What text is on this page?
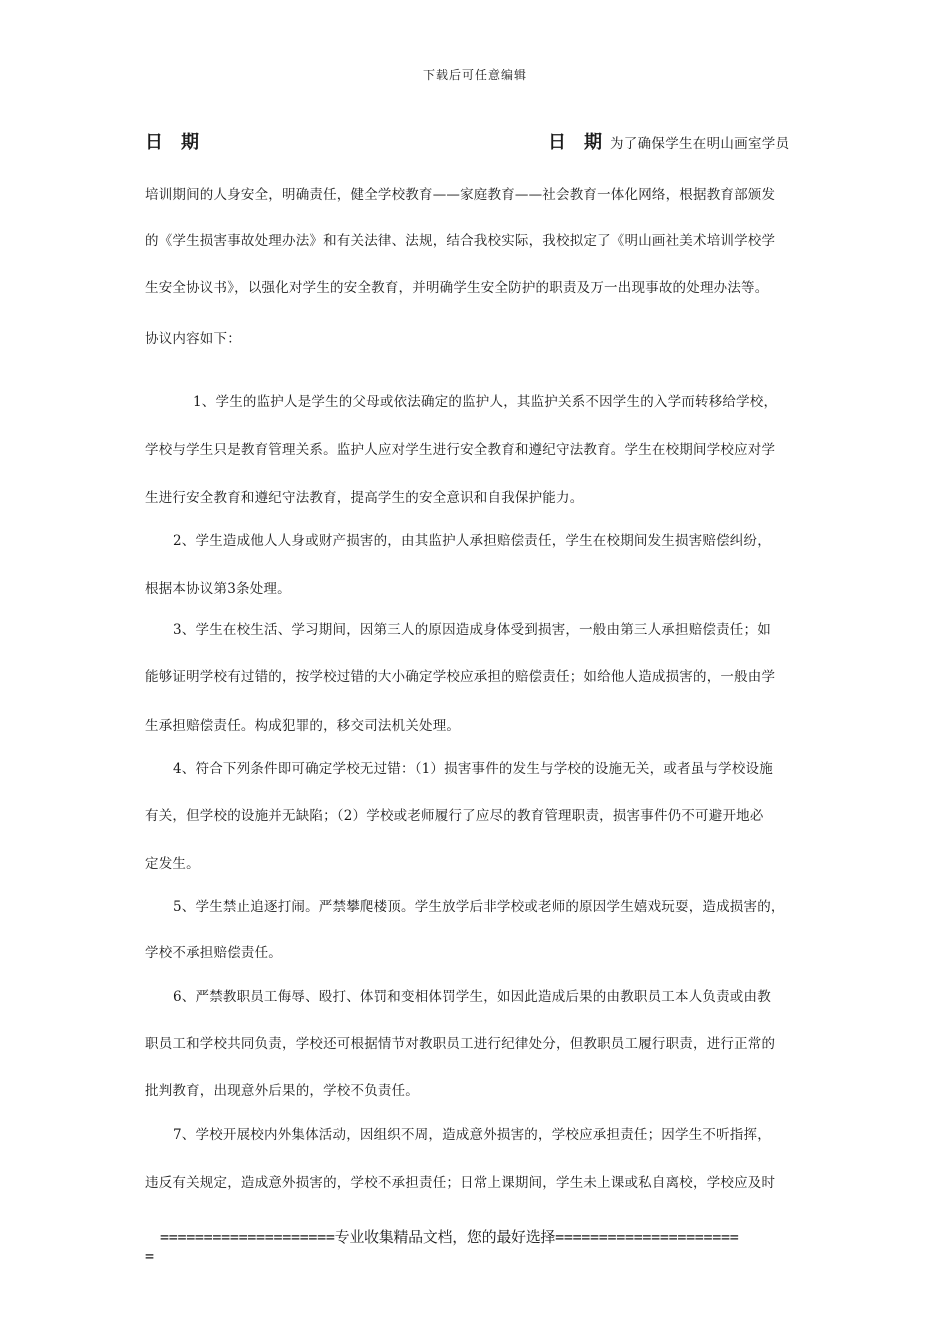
下载后可任意编辑
日期	日期
为了确保学生在明山画室学员
培训期间的人身安全，明确责任，健全学校教育——家庭教育——社会教育一体化网络，根据教育部颁发
的《学生损害事故处理办法》和有关法律、法规，结合我校实际，我校拟定了《明山画社美术培训学校学
生安全协议书》，以强化对学生的安全教育，并明确学生安全防护的职责及万一出现事故的处理办法等。
协议内容如下：
1、学生的监护人是学生的父母或依法确定的监护人，其监护关系不因学生的入学而转移给学校，
学校与学生只是教育管理关系。监护人应对学生进行安全教育和遵纪守法教育。学生在校期间学校应对学
生进行安全教育和遵纪守法教育，提高学生的安全意识和自我保护能力。
2、学生造成他人人身或财产损害的，由其监护人承担赔偿责任，学生在校期间发生损害赔偿纠纷，
根据本协议第3条处理。
3、学生在校生活、学习期间，因第三人的原因造成身体受到损害，一般由第三人承担赔偿责任；如
能够证明学校有过错的，按学校过错的大小确定学校应承担的赔偿责任；如给他人造成损害的，一般由学
生承担赔偿责任。构成犯罪的，移交司法机关处理。
4、符合下列条件即可确定学校无过错：（1）损害事件的发生与学校的设施无关，或者虽与学校设施
有关，但学校的设施并无缺陷；（2）学校或老师履行了应尽的教育管理职责，损害事件仍不可避开地必
定发生。
5、学生禁止追逐打闹。严禁攀爬楼顶。学生放学后非学校或老师的原因学生嬉戏玩耍，造成损害的，
学校不承担赔偿责任。
6、严禁教职员工侮辱、殴打、体罚和变相体罚学生，如因此造成后果的由教职员工本人负责或由教
职员工和学校共同负责，学校还可根据情节对教职员工进行纪律处分，但教职员工履行职责，进行正常的
批判教育，出现意外后果的，学校不负责任。
7、学校开展校内外集体活动，因组织不周，造成意外损害的，学校应承担责任；因学生不听指挥，
违反有关规定，造成意外损害的，学校不承担责任；日常上课期间，学生未上课或私自离校，学校应及时
====================专业收集精品文档，您的最好选择=====================
=
